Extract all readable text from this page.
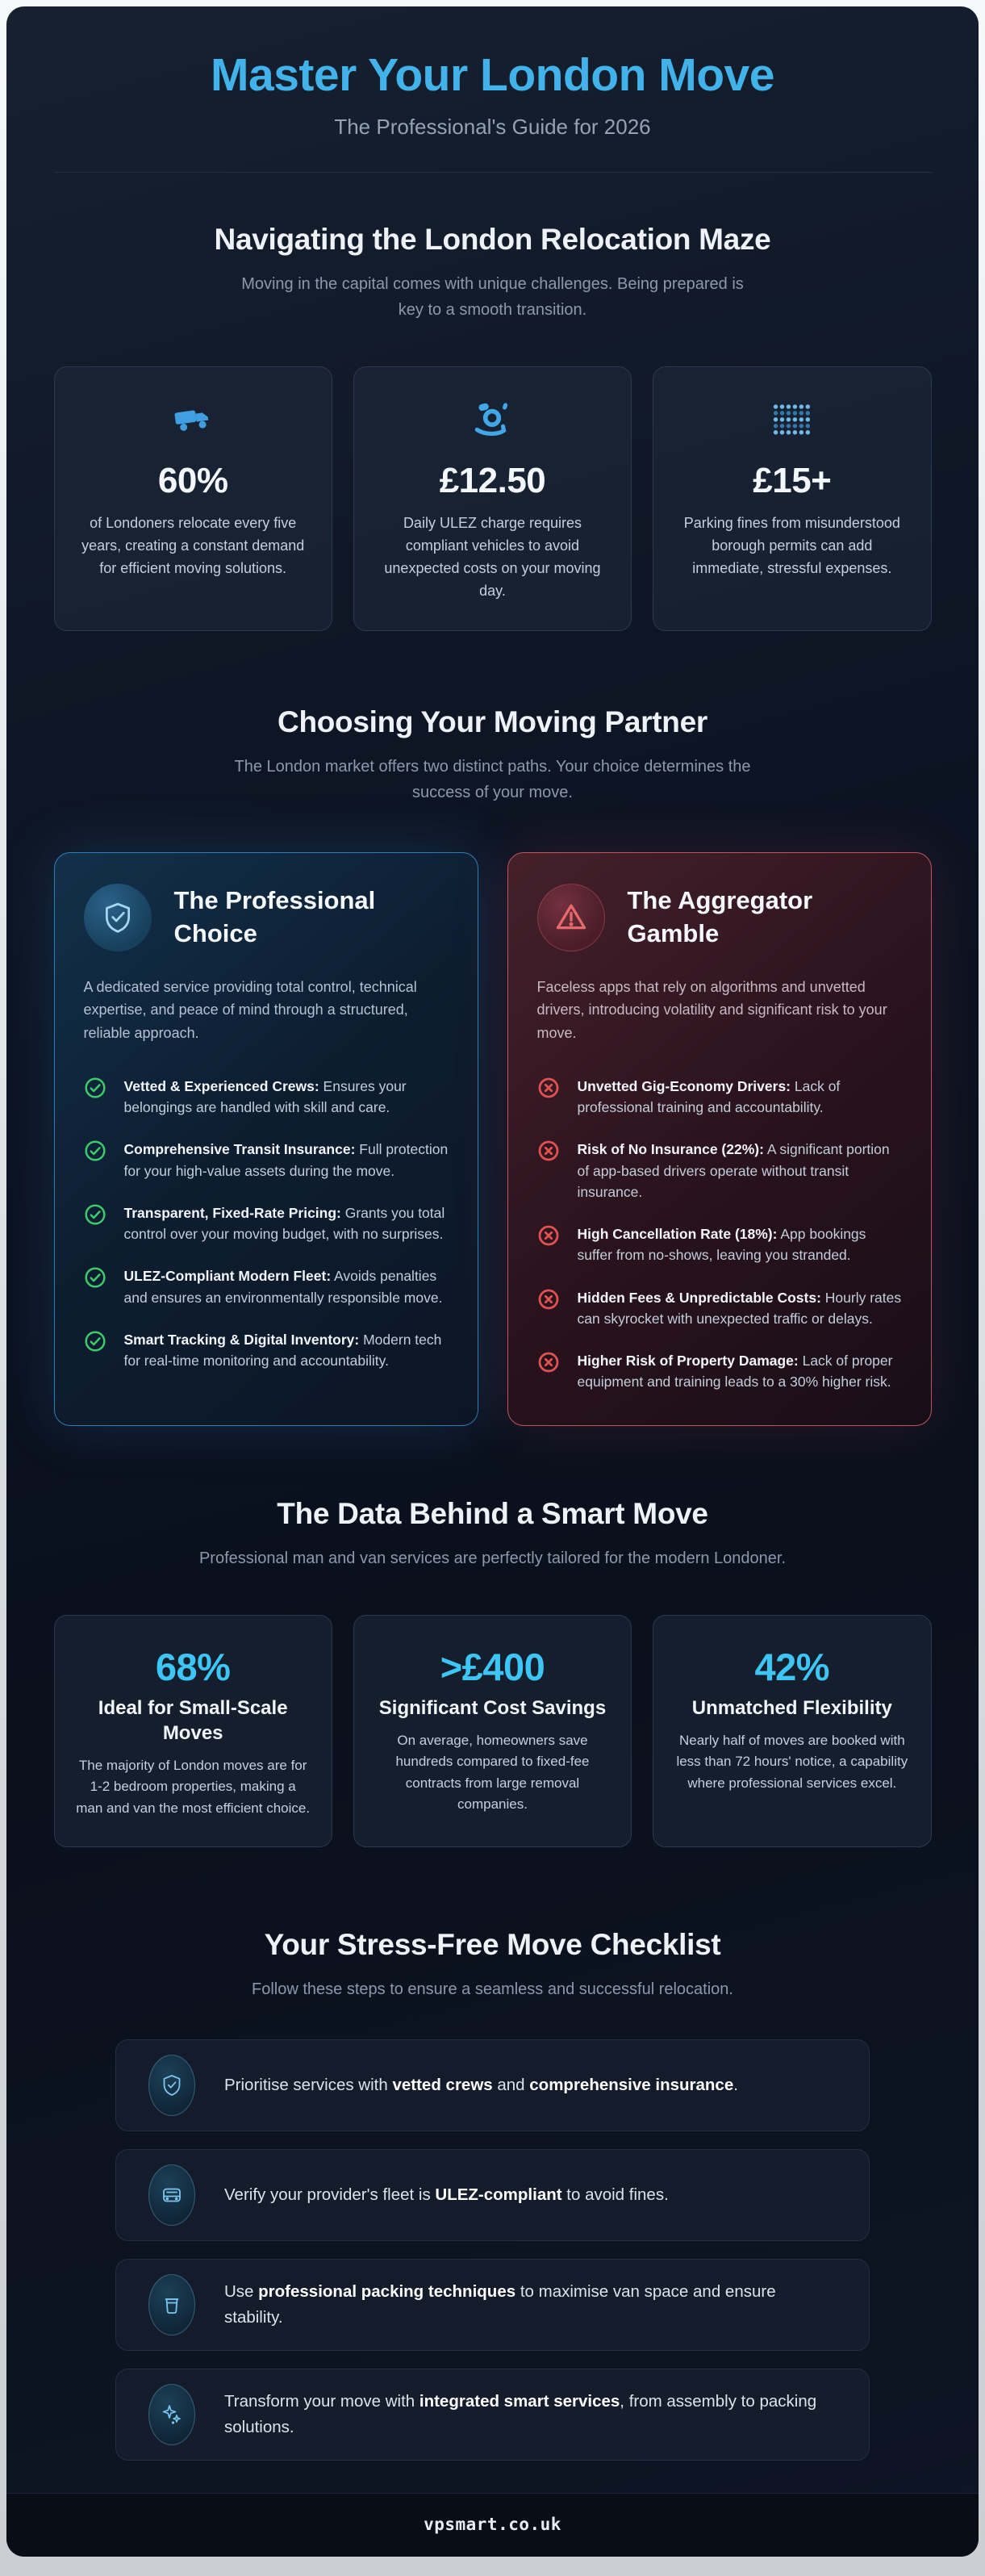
Master Your London Move
The Professional's Guide for 2026
Navigating the London Relocation Maze

Moving in the capital comes with unique challenges. Being prepared is key to a smooth transition.

60%

of Londoners relocate every five years, creating a constant demand for efficient moving solutions.

£12.50

Daily ULEZ charge requires compliant vehicles to avoid unexpected costs on your moving day.

£15+

Parking fines from misunderstood borough permits can add immediate, stressful expenses.

Choosing Your Moving Partner

The London market offers two distinct paths. Your choice determines the success of your move.

The Professional Choice

A dedicated service providing total control, technical expertise, and peace of mind through a structured, reliable approach.

Vetted & Experienced Crews: Ensures your belongings are handled with skill and care.

Comprehensive Transit Insurance: Full protection for your high-value assets during the move.

Transparent, Fixed-Rate Pricing: Grants you total control over your moving budget, with no surprises.

ULEZ-Compliant Modern Fleet: Avoids penalties and ensures an environmentally responsible move.

Smart Tracking & Digital Inventory: Modern tech for real-time monitoring and accountability.

The Aggregator Gamble

Faceless apps that rely on algorithms and unvetted drivers, introducing volatility and significant risk to your move.

Unvetted Gig-Economy Drivers: Lack of professional training and accountability.

Risk of No Insurance (22%): A significant portion of app-based drivers operate without transit insurance.

High Cancellation Rate (18%): App bookings suffer from no-shows, leaving you stranded.

Hidden Fees & Unpredictable Costs: Hourly rates can skyrocket with unexpected traffic or delays.

Higher Risk of Property Damage: Lack of proper equipment and training leads to a 30% higher risk.

The Data Behind a Smart Move

Professional man and van services are perfectly tailored for the modern Londoner.

68%
Ideal for Small-Scale Moves

The majority of London moves are for 1-2 bedroom properties, making a man and van the most efficient choice.

>£400
Significant Cost Savings

On average, homeowners save hundreds compared to fixed-fee contracts from large removal companies.

42%
Unmatched Flexibility

Nearly half of moves are booked with less than 72 hours' notice, a capability where professional services excel.

Your Stress-Free Move Checklist

Follow these steps to ensure a seamless and successful relocation.

Prioritise services with vetted crews and comprehensive insurance.

Verify your provider's fleet is ULEZ-compliant to avoid fines.

Use professional packing techniques to maximise van space and ensure stability.

Transform your move with integrated smart services, from assembly to packing solutions.

vpsmart.co.uk
